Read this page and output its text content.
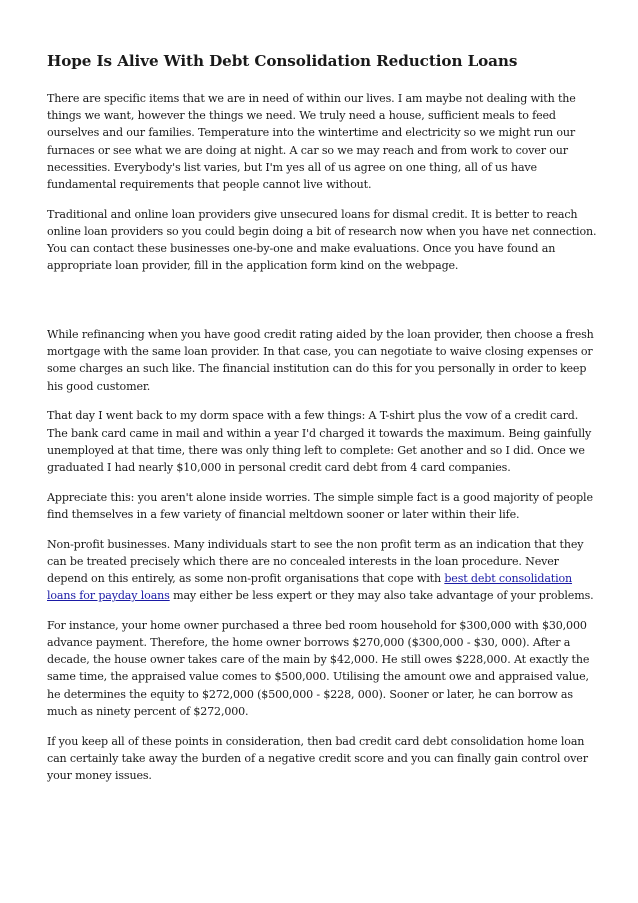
Hope Is Alive With Debt Consolidation Reduction Loans

There are specific items that we are in need of within our lives. I am maybe not dealing with the things we want, however the things we need. We truly need a house, sufficient meals to feed ourselves and our families. Temperature into the wintertime and electricity so we might run our furnaces or see what we are doing at night. A car so we may reach and from work to cover our necessities. Everybody's list varies, but I'm yes all of us agree on one thing, all of us have fundamental requirements that people cannot live without.

Traditional and online loan providers give unsecured loans for dismal credit. It is better to reach online loan providers so you could begin doing a bit of research now when you have net connection. You can contact these businesses one-by-one and make evaluations. Once you have found an appropriate loan provider, fill in the application form kind on the webpage.

While refinancing when you have good credit rating aided by the loan provider, then choose a fresh mortgage with the same loan provider. In that case, you can negotiate to waive closing expenses or some charges an such like. The financial institution can do this for you personally in order to keep his good customer.

That day I went back to my dorm space with a few things: A T-shirt plus the vow of a credit card. The bank card came in mail and within a year I'd charged it towards the maximum. Being gainfully unemployed at that time, there was only thing left to complete: Get another and so I did. Once we graduated I had nearly $10,000 in personal credit card debt from 4 card companies.

Appreciate this: you aren't alone inside worries. The simple simple fact is a good majority of people find themselves in a few variety of financial meltdown sooner or later within their life.

Non-profit businesses. Many individuals start to see the non profit term as an indication that they can be treated precisely which there are no concealed interests in the loan procedure. Never depend on this entirely, as some non-profit organisations that cope with best debt consolidation loans for payday loans may either be less expert or they may also take advantage of your problems.

For instance, your home owner purchased a three bed room household for $300,000 with $30,000 advance payment. Therefore, the home owner borrows $270,000 ($300,000 - $30, 000). After a decade, the house owner takes care of the main by $42,000. He still owes $228,000. At exactly the same time, the appraised value comes to $500,000. Utilising the amount owe and appraised value, he determines the equity to $272,000 ($500,000 - $228, 000). Sooner or later, he can borrow as much as ninety percent of $272,000.

If you keep all of these points in consideration, then bad credit card debt consolidation home loan can certainly take away the burden of a negative credit score and you can finally gain control over your money issues.
